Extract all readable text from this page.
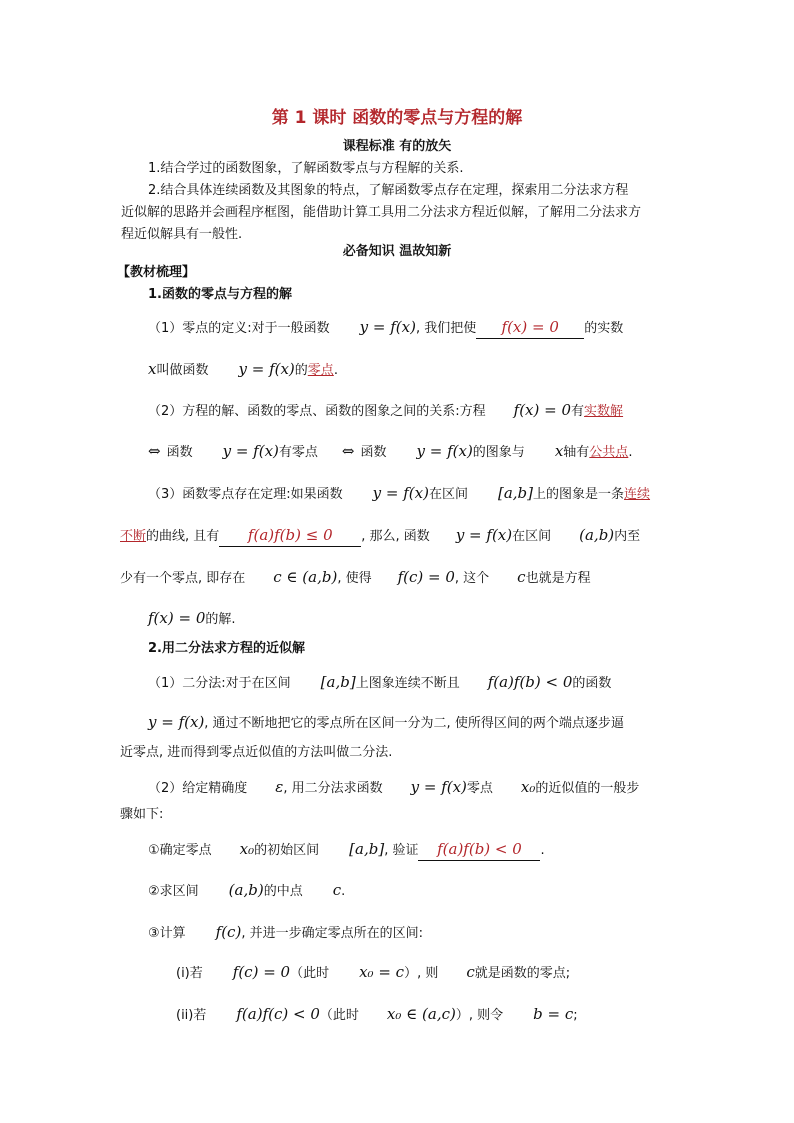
第 1 课时 函数的零点与方程的解
课程标准 有的放矢
1.结合学过的函数图象，了解函数零点与方程解的关系.
2.结合具体连续函数及其图象的特点，了解函数零点存在定理，探索用二分法求方程
近似解的思路并会画程序框图，能借助计算工具用二分法求方程近似解，了解用二分法求方
程近似解具有一般性.
必备知识 温故知新
【教材梳理】
1.函数的零点与方程的解
（1）零点的定义:对于一般函数 y = f(x), 我们把使 f(x) = 0 的实数
x叫做函数 y = f(x)的零点.
（2）方程的解、函数的零点、函数的图象之间的关系:方程 f(x) = 0有实数解
⇔ 函数 y = f(x)有零点 ⇔ 函数 y = f(x)的图象与 x轴有公共点.
（3）函数零点存在定理:如果函数 y = f(x)在区间 [a,b]上的图象是一条连续
不断的曲线, 且有 f(a)f(b) ≤ 0 , 那么, 函数 y = f(x)在区间 (a,b)内至
少有一个零点, 即存在 c ∈ (a,b), 使得 f(c) = 0, 这个 c也就是方程
f(x) = 0的解.
2.用二分法求方程的近似解
（1）二分法:对于在区间 [a,b]上图象连续不断且 f(a)f(b) < 0的函数
y = f(x), 通过不断地把它的零点所在区间一分为二, 使所得区间的两个端点逐步逼
近零点, 进而得到零点近似值的方法叫做二分法.
（2）给定精确度 ε, 用二分法求函数 y = f(x)零点 x₀的近似值的一般步
骤如下:
①确定零点 x₀的初始区间 [a,b], 验证 f(a)f(b) < 0 .
②求区间 (a,b)的中点 c.
③计算 f(c), 并进一步确定零点所在的区间:
(i)若 f(c) = 0（此时 x₀ = c）, 则 c就是函数的零点;
(ii)若 f(a)f(c) < 0（此时 x₀ ∈ (a,c)）, 则令 b = c;
